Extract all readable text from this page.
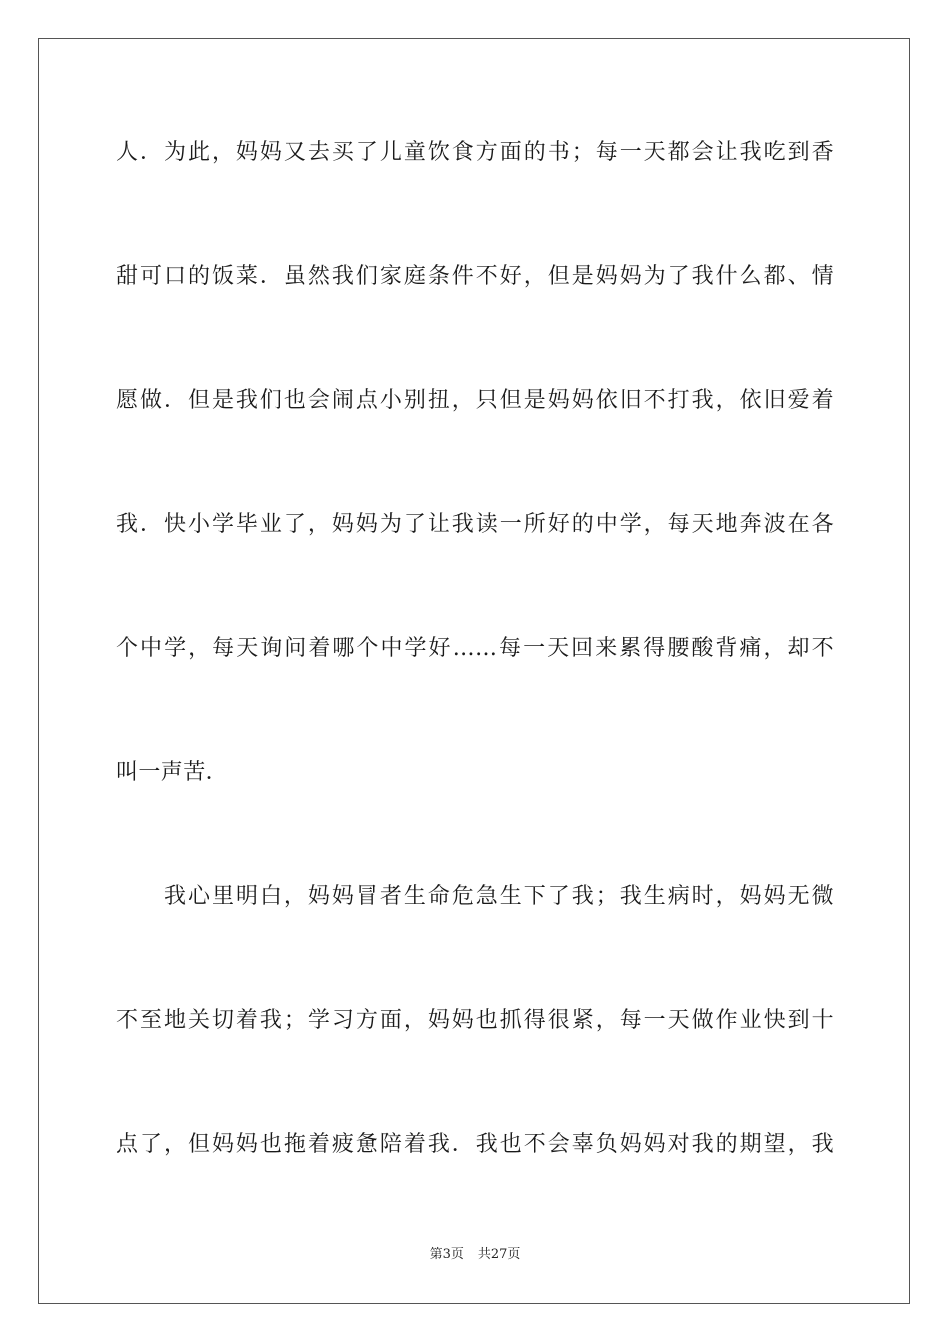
人．为此，妈妈又去买了儿童饮食方面的书；每一天都会让我吃到香
甜可口的饭菜．虽然我们家庭条件不好，但是妈妈为了我什么都、情
愿做．但是我们也会闹点小别扭，只但是妈妈依旧不打我，依旧爱着
我．快小学毕业了，妈妈为了让我读一所好的中学，每天地奔波在各
个中学，每天询问着哪个中学好……每一天回来累得腰酸背痛，却不
叫一声苦．
我心里明白，妈妈冒者生命危急生下了我；我生病时，妈妈无微
不至地关切着我；学习方面，妈妈也抓得很紧，每一天做作业快到十
点了，但妈妈也拖着疲惫陪着我．我也不会辜负妈妈对我的期望，我
第3页 共27页
